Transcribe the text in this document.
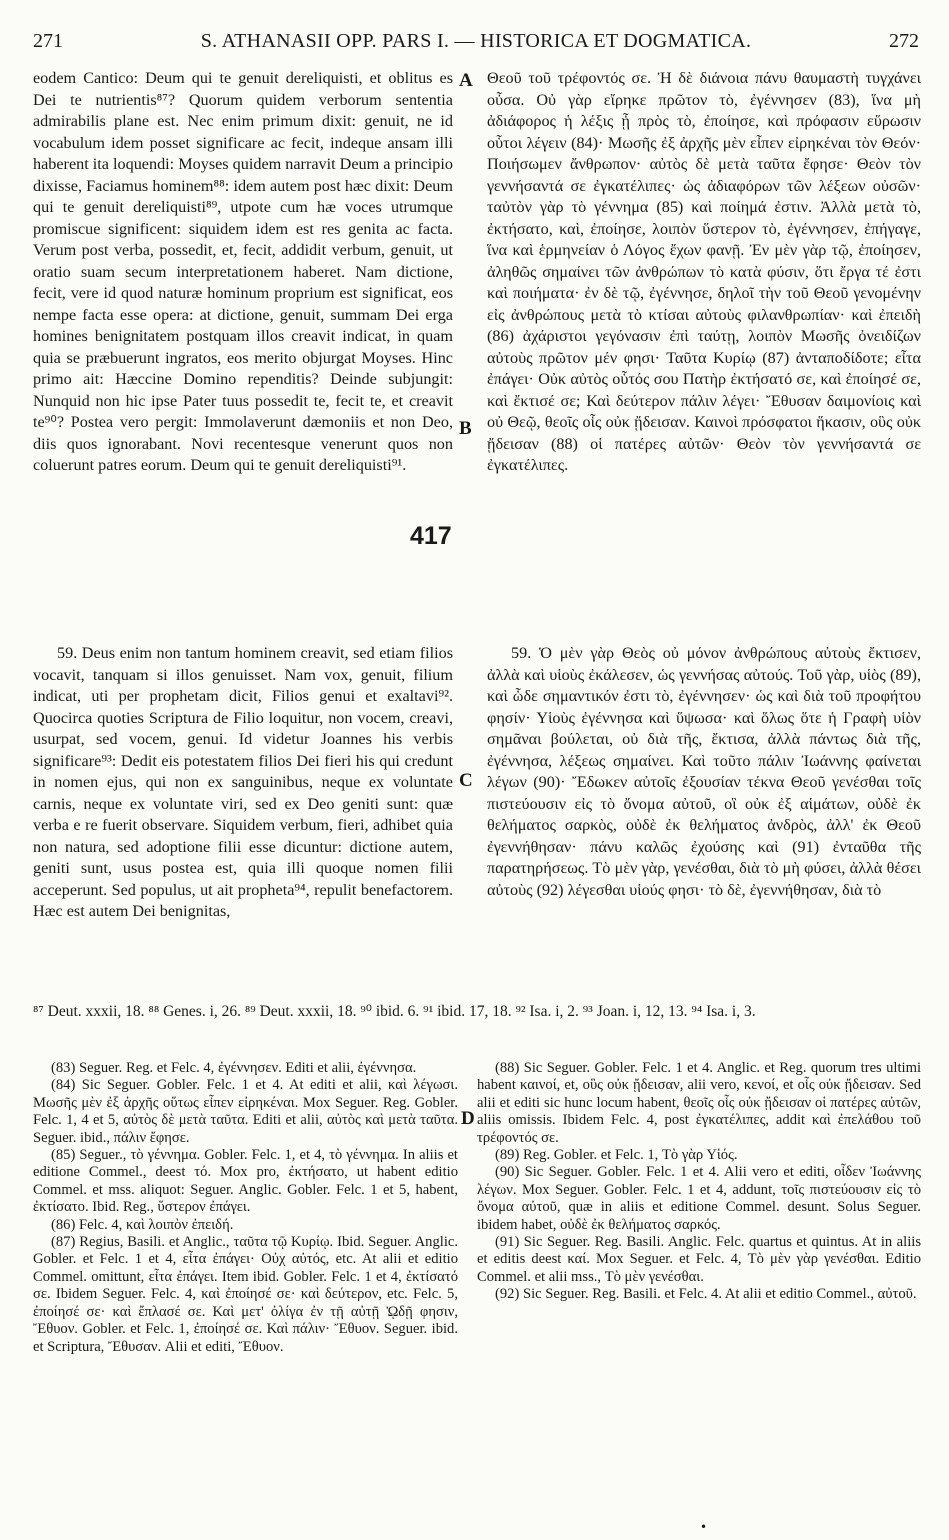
271	S. ATHANASII OPP. PARS I. — HISTORICA ET DOGMATICA.	272

eodem Cantico: Deum qui te genuit dereliquisti, et oblitus es Dei te nutrientis⁸⁷? Quorum quidem verborum sententia admirabilis plane est. Nec enim primum dixit: genuit, ne id vocabulum idem posset significare ac fecit, indeque ansam illi haberent ita loquendi: Moyses quidem narravit Deum a principio dixisse, Faciamus hominem⁸⁸: idem autem post hæc dixit: Deum qui te genuit dereliquisti⁸⁹, utpote cum hæ voces utrumque promiscue significent: siquidem idem est res genita ac facta. Verum post verba, possedit, et, fecit, addidit verbum, genuit, ut oratio suam secum interpretationem haberet. Nam dictione, fecit, vere id quod naturæ hominum proprium est significat, eos nempe facta esse opera: at dictione, genuit, summam Dei erga homines benignitatem postquam illos creavit indicat, in quam quia se præbuerunt ingratos, eos merito objurgat Moyses. Hinc primo ait: Hæccine Domino rependitis? Deinde subjungit: Nunquid non hic ipse Pater tuus possedit te, fecit te, et creavit te⁹⁰? Postea vero pergit: Immolaverunt dæmoniis et non Deo, diis quos ignorabant. Novi recentesque venerunt quos non coluerunt patres eorum. Deum qui te genuit dereliquisti⁹¹.

Θεοῦ τοῦ τρέφοντός σε. Ἡ δὲ διάνοια πάνυ θαυμαστὴ τυγχάνει οὖσα. Οὐ γὰρ εἴρηκε πρῶτον τὸ, ἐγέννησεν (83), ἵνα μὴ ἀδιάφορος ἡ λέξις ᾖ πρὸς τὸ, ἐποίησε, καὶ πρόφασιν εὕρωσιν οὗτοι λέγειν (84)· Μωσῆς ἐξ ἀρχῆς μὲν εἶπεν εἰρηκέναι τὸν Θεόν· Ποιήσωμεν ἄνθρωπον· αὐτὸς δὲ μετὰ ταῦτα ἔφησε· Θεὸν τὸν γεννήσαντά σε ἐγκατέλιπες· ὡς ἀδιαφόρων τῶν λέξεων οὐσῶν· ταὐτὸν γὰρ τὸ γέννημα (85) καὶ ποίημά ἐστιν. Ἀλλὰ μετὰ τὸ, ἐκτήσατο, καὶ, ἐποίησε, λοιπὸν ὕστερον τὸ, ἐγέννησεν, ἐπήγαγε, ἵνα καὶ ἑρμηνείαν ὁ Λόγος ἔχων φανῇ. Ἐν μὲν γὰρ τῷ, ἐποίησεν, ἀληθῶς σημαίνει τῶν ἀνθρώπων τὸ κατὰ φύσιν, ὅτι ἔργα τέ ἐστι καὶ ποιήματα· ἐν δὲ τῷ, ἐγέννησε, δηλοῖ τὴν τοῦ Θεοῦ γενομένην εἰς ἀνθρώπους μετὰ τὸ κτίσαι αὐτοὺς φιλανθρωπίαν· καὶ ἐπειδὴ (86) ἀχάριστοι γεγόνασιν ἐπὶ ταύτῃ, λοιπὸν Μωσῆς ὀνειδίζων αὐτοὺς πρῶτον μέν φησι· Ταῦτα Κυρίῳ (87) ἀνταποδίδοτε; εἶτα ἐπάγει· Οὐκ αὐτὸς οὗτός σου Πατὴρ ἐκτήσατό σε, καὶ ἐποίησέ σε, καὶ ἔκτισέ σε; Καὶ δεύτερον πάλιν λέγει· Ἔθυσαν δαιμονίοις καὶ οὐ Θεῷ, θεοῖς οἷς οὐκ ᾔδεισαν. Καινοὶ πρόσφατοι ἥκασιν, οὓς οὐκ ᾔδεισαν (88) οἱ πατέρες αὐτῶν· Θεὸν τὸν γεννήσαντά σε ἐγκατέλιπες.

417
A
B
C
D

59. Deus enim non tantum hominem creavit, sed etiam filios vocavit, tanquam si illos genuisset. Nam vox, genuit, filium indicat, uti per prophetam dicit, Filios genui et exaltavi⁹². Quocirca quoties Scriptura de Filio loquitur, non vocem, creavi, usurpat, sed vocem, genui. Id videtur Joannes his verbis significare⁹³: Dedit eis potestatem filios Dei fieri his qui credunt in nomen ejus, qui non ex sanguinibus, neque ex voluntate carnis, neque ex voluntate viri, sed ex Deo geniti sunt: quæ verba e re fuerit observare. Siquidem verbum, fieri, adhibet quia non natura, sed adoptione filii esse dicuntur: dictione autem, geniti sunt, usus postea est, quia illi quoque nomen filii acceperunt. Sed populus, ut ait propheta⁹⁴, repulit benefactorem. Hæc est autem Dei benignitas,

59. Ὁ μὲν γὰρ Θεὸς οὐ μόνον ἀνθρώπους αὐτοὺς ἔκτισεν, ἀλλὰ καὶ υἱοὺς ἐκάλεσεν, ὡς γεννήσας αὐτούς. Τοῦ γὰρ, υἱὸς (89), καὶ ὧδε σημαντικόν ἐστι τὸ, ἐγέννησεν· ὡς καὶ διὰ τοῦ προφήτου φησίν· Υἱοὺς ἐγέννησα καὶ ὕψωσα· καὶ ὅλως ὅτε ἡ Γραφὴ υἱὸν σημᾶναι βούλεται, οὐ διὰ τῆς, ἔκτισα, ἀλλὰ πάντως διὰ τῆς, ἐγέννησα, λέξεως σημαίνει. Καὶ τοῦτο πάλιν Ἰωάννης φαίνεται λέγων (90)· Ἔδωκεν αὐτοῖς ἐξουσίαν τέκνα Θεοῦ γενέσθαι τοῖς πιστεύουσιν εἰς τὸ ὄνομα αὐτοῦ, οἳ οὐκ ἐξ αἱμάτων, οὐδὲ ἐκ θελήματος σαρκὸς, οὐδὲ ἐκ θελήματος ἀνδρὸς, ἀλλ' ἐκ Θεοῦ ἐγεννήθησαν· πάνυ καλῶς ἐχούσης καὶ (91) ἐνταῦθα τῆς παρατηρήσεως. Τὸ μὲν γὰρ, γενέσθαι, διὰ τὸ μὴ φύσει, ἀλλὰ θέσει αὐτοὺς (92) λέγεσθαι υἱούς φησι· τὸ δὲ, ἐγεννήθησαν, διὰ τὸ

⁸⁷ Deut. xxxii, 18. ⁸⁸ Genes. i, 26. ⁸⁹ Deut. xxxii, 18. ⁹⁰ ibid. 6. ⁹¹ ibid. 17, 18. ⁹² Isa. i, 2. ⁹³ Joan. i, 12, 13. ⁹⁴ Isa. i, 3.

(83) Seguer. Reg. et Felc. 4, ἐγέννησεν. Editi et alii, ἐγέννησα.

(84) Sic Seguer. Gobler. Felc. 1 et 4. At editi et alii, καὶ λέγωσι. Μωσῆς μὲν ἐξ ἀρχῆς οὕτως εἶπεν εἰρηκέναι. Mox Seguer. Reg. Gobler. Felc. 1, 4 et 5, αὐτὸς δὲ μετὰ ταῦτα. Editi et alii, αὐτὸς καὶ μετὰ ταῦτα. Seguer. ibid., πάλιν ἔφησε.

(85) Seguer., τὸ γέννημα. Gobler. Felc. 1, et 4, τὸ γέννημα. In aliis et editione Commel., deest τό. Mox pro, ἐκτήσατο, ut habent editio Commel. et mss. aliquot: Seguer. Anglic. Gobler. Felc. 1 et 5, habent, ἐκτίσατο. Ibid. Reg., ὕστερον ἐπάγει.

(86) Felc. 4, καὶ λοιπὸν ἐπειδή.

(87) Regius, Basili. et Anglic., ταῦτα τῷ Κυρίῳ. Ibid. Seguer. Anglic. Gobler. et Felc. 1 et 4, εἶτα ἐπάγει· Οὐχ αὐτός, etc. At alii et editio Commel. omittunt, εἶτα ἐπάγει. Item ibid. Gobler. Felc. 1 et 4, ἐκτίσατό σε. Ibidem Seguer. Felc. 4, καὶ ἐποίησέ σε· καὶ δεύτερον, etc. Felc. 5, ἐποίησέ σε· καὶ ἔπλασέ σε. Καὶ μετ' ὀλίγα ἐν τῇ αὐτῇ ᾨδῇ φησιν, Ἔθυον. Gobler. et Felc. 1, ἐποίησέ σε. Καὶ πάλιν· Ἔθυον. Seguer. ibid. et Scriptura, Ἔθυσαν. Alii et editi, Ἔθυον.

(88) Sic Seguer. Gobler. Felc. 1 et 4. Anglic. et Reg. quorum tres ultimi habent καινοί, et, οὓς οὐκ ᾔδεισαν, alii vero, κενοί, et οἷς οὐκ ᾔδεισαν. Sed alii et editi sic hunc locum habent, θεοῖς οἷς οὐκ ᾔδεισαν οἱ πατέρες αὐτῶν, aliis omissis. Ibidem Felc. 4, post ἐγκατέλιπες, addit καὶ ἐπελάθου τοῦ τρέφοντός σε.

(89) Reg. Gobler. et Felc. 1, Τὸ γὰρ Υἱός.

(90) Sic Seguer. Gobler. Felc. 1 et 4. Alii vero et editi, οἶδεν Ἰωάννης λέγων. Mox Seguer. Gobler. Felc. 1 et 4, addunt, τοῖς πιστεύουσιν εἰς τὸ ὄνομα αὐτοῦ, quæ in aliis et editione Commel. desunt. Solus Seguer. ibidem habet, οὐδὲ ἐκ θελήματος σαρκός.

(91) Sic Seguer. Reg. Basili. Anglic. Felc. quartus et quintus. At in aliis et editis deest καί. Mox Seguer. et Felc. 4, Τὸ μὲν γὰρ γενέσθαι. Editio Commel. et alii mss., Τὸ μὲν γενέσθαι.

(92) Sic Seguer. Reg. Basili. et Felc. 4. At alii et editio Commel., αὐτοῦ.

•
